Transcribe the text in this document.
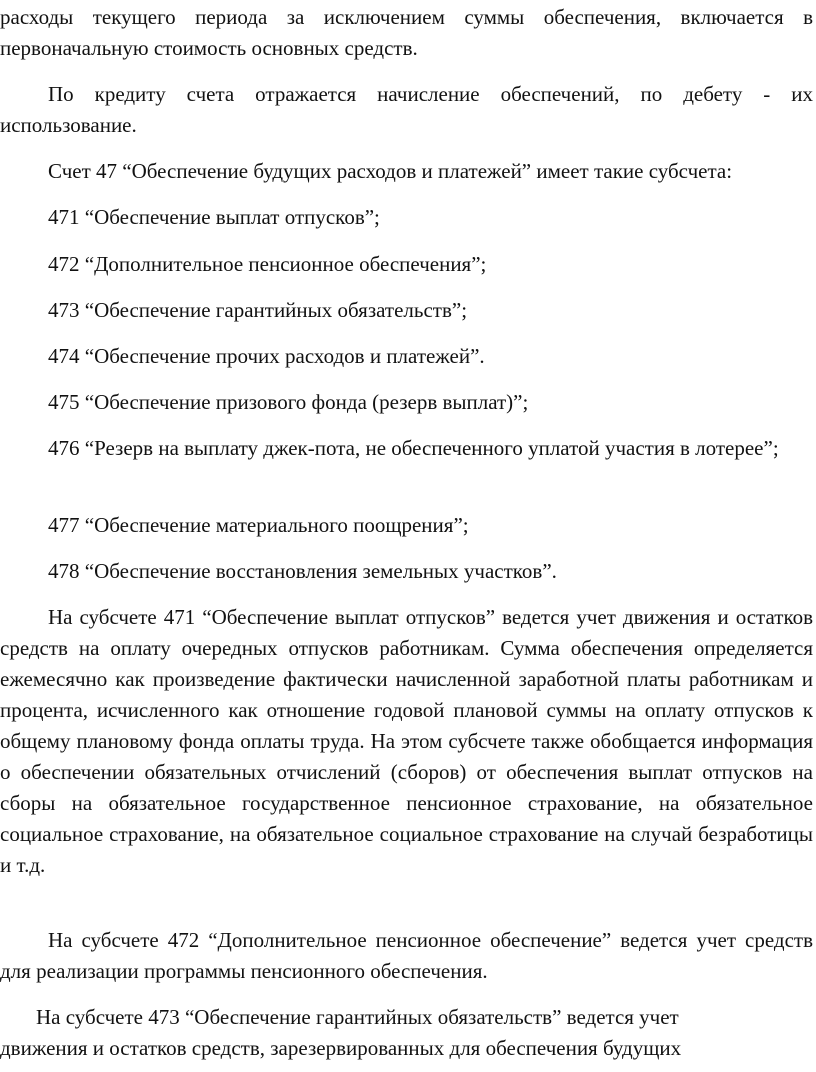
расходы текущего периода за исключением суммы обеспечения, включается в первоначальную стоимость основных средств.

По кредиту счета отражается начисление обеспечений, по дебету - их использование.

Счет 47 “Обеспечение будущих расходов и платежей” имеет такие субсчета:

471 “Обеспечение выплат отпусков”;

472 “Дополнительное пенсионное обеспечения”;

473 “Обеспечение гарантийных обязательств”;

474 “Обеспечение прочих расходов и платежей”.

475 “Обеспечение призового фонда (резерв выплат)”;

476 “Резерв на выплату джек-пота, не обеспеченного уплатой участия в лотерее”;

477 “Обеспечение материального поощрения”;

478 “Обеспечение восстановления земельных участков”.

На субсчете 471 “Обеспечение выплат отпусков” ведется учет движения и остатков средств на оплату очередных отпусков работникам. Сумма обеспечения определяется ежемесячно как произведение фактически начисленной заработной платы работникам и процента, исчисленного как отношение годовой плановой суммы на оплату отпусков к общему плановому фонда оплаты труда. На этом субсчете также обобщается информация о обеспечении обязательных отчислений (сборов) от обеспечения выплат отпусков на сборы на обязательное государственное пенсионное страхование, на обязательное социальное страхование, на обязательное социальное страхование на случай безработицы и т.д.

На субсчете 472 “Дополнительное пенсионное обеспечение” ведется учет средств для реализации программы пенсионного обеспечения.

На субсчете 473 “Обеспечение гарантийных обязательств” ведется учет

движения и остатков средств, зарезервированных для обеспечения будущих
